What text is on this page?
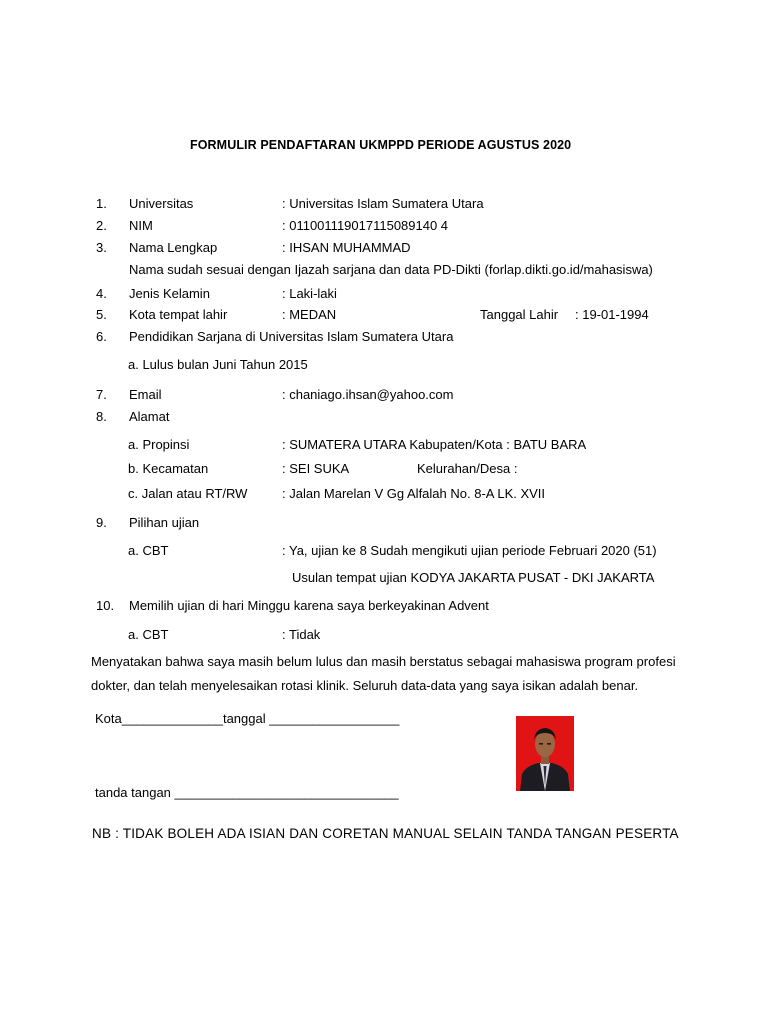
FORMULIR PENDAFTARAN UKMPPD PERIODE AGUSTUS 2020
1. Universitas	: Universitas Islam Sumatera Utara
2. NIM	: 011001119017115089140 4
3. Nama Lengkap	: IHSAN MUHAMMAD
Nama sudah sesuai dengan Ijazah sarjana dan data PD-Dikti (forlap.dikti.go.id/mahasiswa)
4. Jenis Kelamin	: Laki-laki
5. Kota tempat lahir	: MEDAN	Tanggal Lahir : 19-01-1994
6. Pendidikan Sarjana di Universitas Islam Sumatera Utara
a. Lulus bulan Juni Tahun 2015
7. Email	: chaniago.ihsan@yahoo.com
8. Alamat
a. Propinsi	: SUMATERA UTARA Kabupaten/Kota : BATU BARA
b. Kecamatan	: SEI SUKA	Kelurahan/Desa :
c. Jalan atau RT/RW	: Jalan Marelan V Gg Alfalah No. 8-A LK. XVII
9. Pilihan ujian
a. CBT	: Ya, ujian ke 8 Sudah mengikuti ujian periode Februari 2020 (51)
Usulan tempat ujian KODYA JAKARTA PUSAT - DKI JAKARTA
10. Memilih ujian di hari Minggu karena saya berkeyakinan Advent
a. CBT	: Tidak
Menyatakan bahwa saya masih belum lulus dan masih berstatus sebagai mahasiswa program profesi
dokter, dan telah menyelesaikan rotasi klinik. Seluruh data-data yang saya isikan adalah benar.
Kota______________tanggal __________________
tanda tangan _______________________________
NB : TIDAK BOLEH ADA ISIAN DAN CORETAN MANUAL SELAIN TANDA TANGAN PESERTA
